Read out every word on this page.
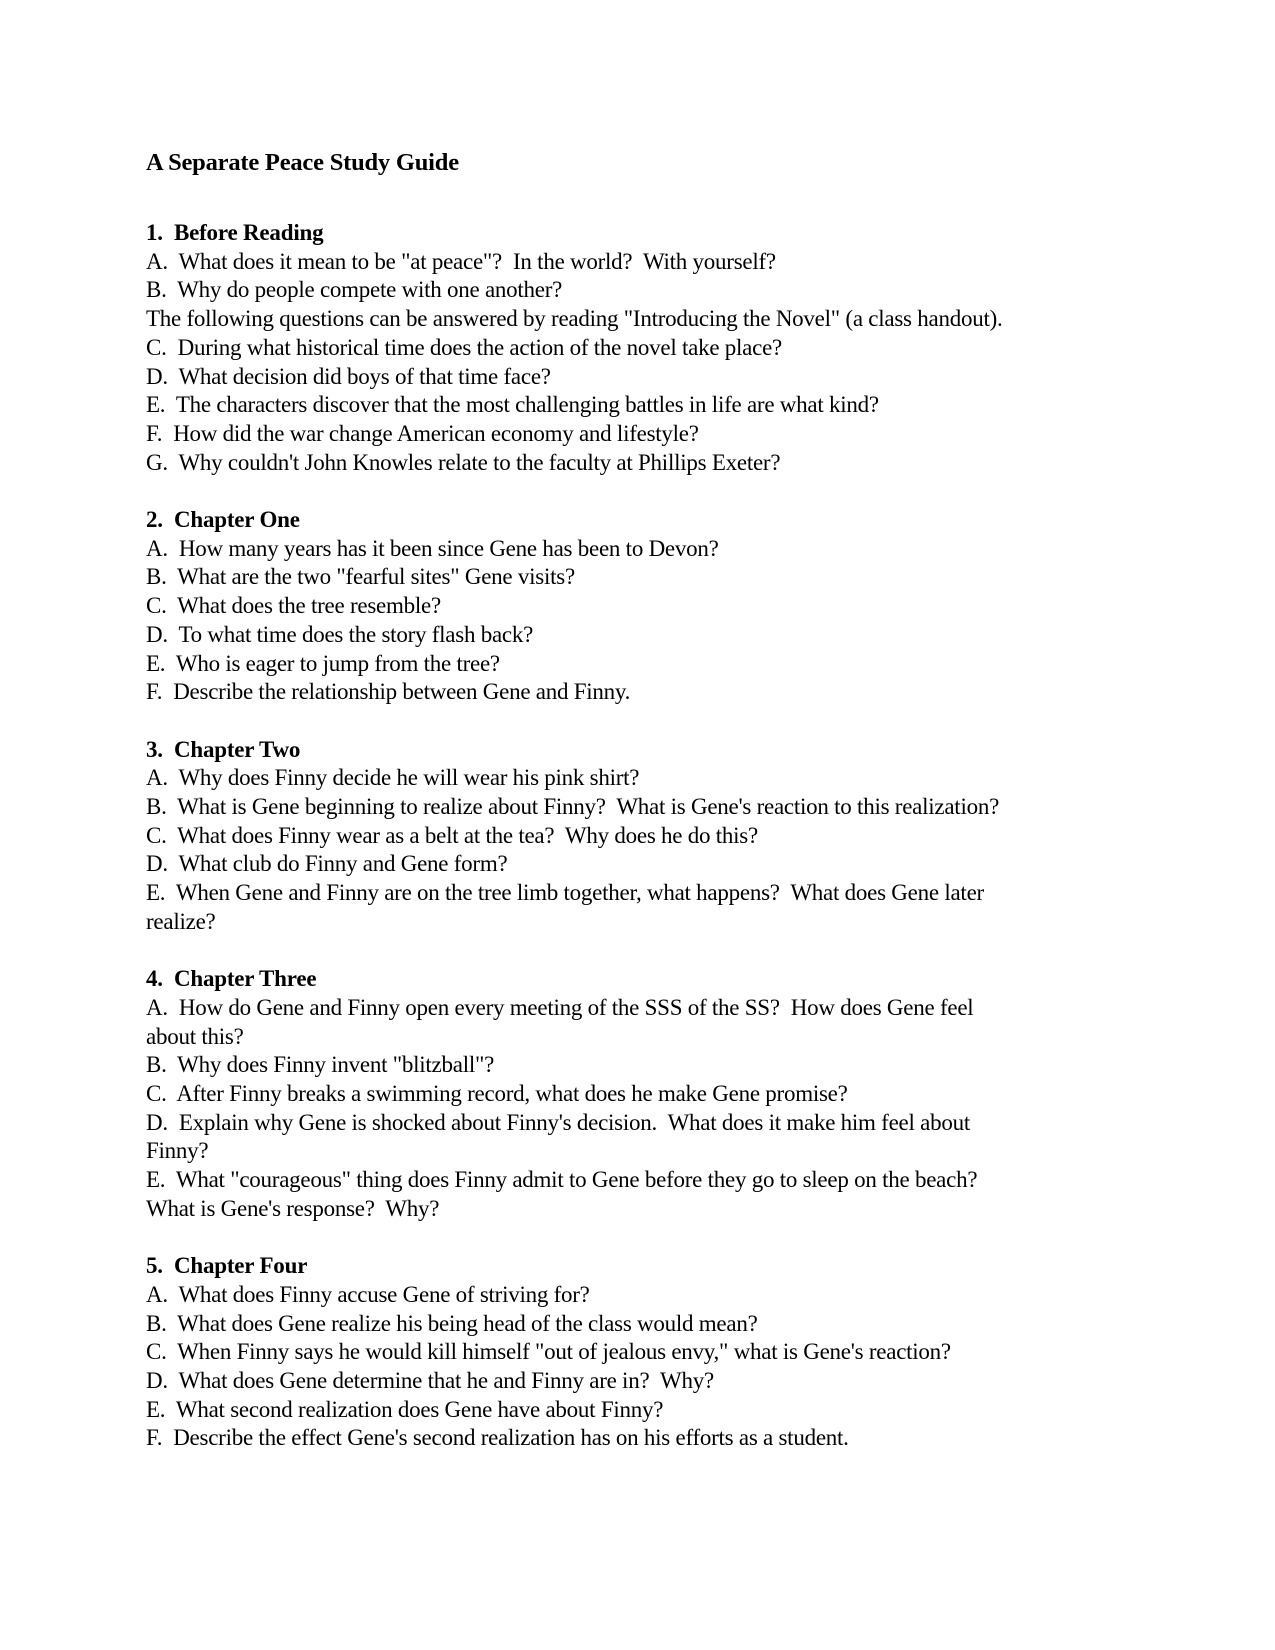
A Separate Peace Study Guide
1.  Before Reading

A.  What does it mean to be "at peace"?  In the world?  With yourself?

B.  Why do people compete with one another?

The following questions can be answered by reading "Introducing the Novel" (a class handout).

C.  During what historical time does the action of the novel take place?

D.  What decision did boys of that time face?

E.  The characters discover that the most challenging battles in life are what kind?

F.  How did the war change American economy and lifestyle?

G.  Why couldn't John Knowles relate to the faculty at Phillips Exeter?

2.  Chapter One

A.  How many years has it been since Gene has been to Devon?

B.  What are the two "fearful sites" Gene visits?

C.  What does the tree resemble?

D.  To what time does the story flash back?

E.  Who is eager to jump from the tree?

F.  Describe the relationship between Gene and Finny.

3.  Chapter Two

A.  Why does Finny decide he will wear his pink shirt?

B.  What is Gene beginning to realize about Finny?  What is Gene's reaction to this realization?

C.  What does Finny wear as a belt at the tea?  Why does he do this?

D.  What club do Finny and Gene form?

E.  When Gene and Finny are on the tree limb together, what happens?  What does Gene later

realize?

4.  Chapter Three

A.  How do Gene and Finny open every meeting of the SSS of the SS?  How does Gene feel

about this?

B.  Why does Finny invent "blitzball"?

C.  After Finny breaks a swimming record, what does he make Gene promise?

D.  Explain why Gene is shocked about Finny's decision.  What does it make him feel about

Finny?

E.  What "courageous" thing does Finny admit to Gene before they go to sleep on the beach?

What is Gene's response?  Why?

5.  Chapter Four

A.  What does Finny accuse Gene of striving for?

B.  What does Gene realize his being head of the class would mean?

C.  When Finny says he would kill himself "out of jealous envy," what is Gene's reaction?

D.  What does Gene determine that he and Finny are in?  Why?

E.  What second realization does Gene have about Finny?

F.  Describe the effect Gene's second realization has on his efforts as a student.
